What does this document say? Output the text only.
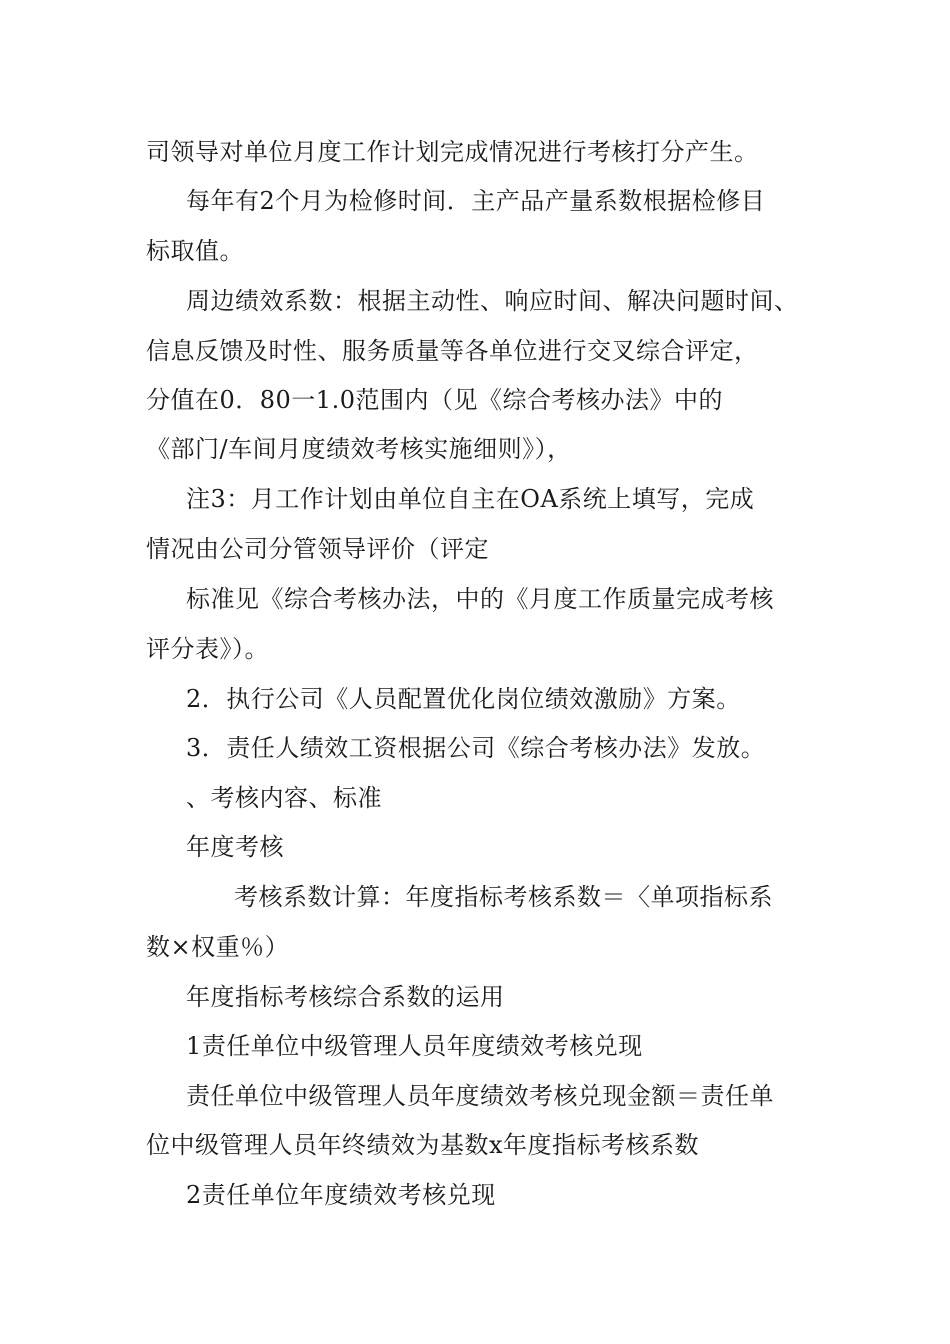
司领导对单位月度工作计划完成情况进行考核打分产生。
每年有2个月为检修时间．主产品产量系数根据检修目
标取值。
周边绩效系数：根据主动性、响应时间、解决问题时间、
信息反馈及时性、服务质量等各单位进行交叉综合评定，
分值在0．80一1.0范围内（见《综合考核办法》中的
《部门/车间月度绩效考核实施细则》），
注3：月工作计划由单位自主在OA系统上填写，完成
情况由公司分管领导评价（评定
标准见《综合考核办法，中的《月度工作质量完成考核
评分表》）。
2．执行公司《人员配置优化岗位绩效激励》方案。
3．责任人绩效工资根据公司《综合考核办法》发放。
、考核内容、标准
年度考核
考核系数计算：年度指标考核系数＝〈单项指标系
数×权重％）
年度指标考核综合系数的运用
1责任单位中级管理人员年度绩效考核兑现
责任单位中级管理人员年度绩效考核兑现金额＝责任单
位中级管理人员年终绩效为基数x年度指标考核系数
2责任单位年度绩效考核兑现
